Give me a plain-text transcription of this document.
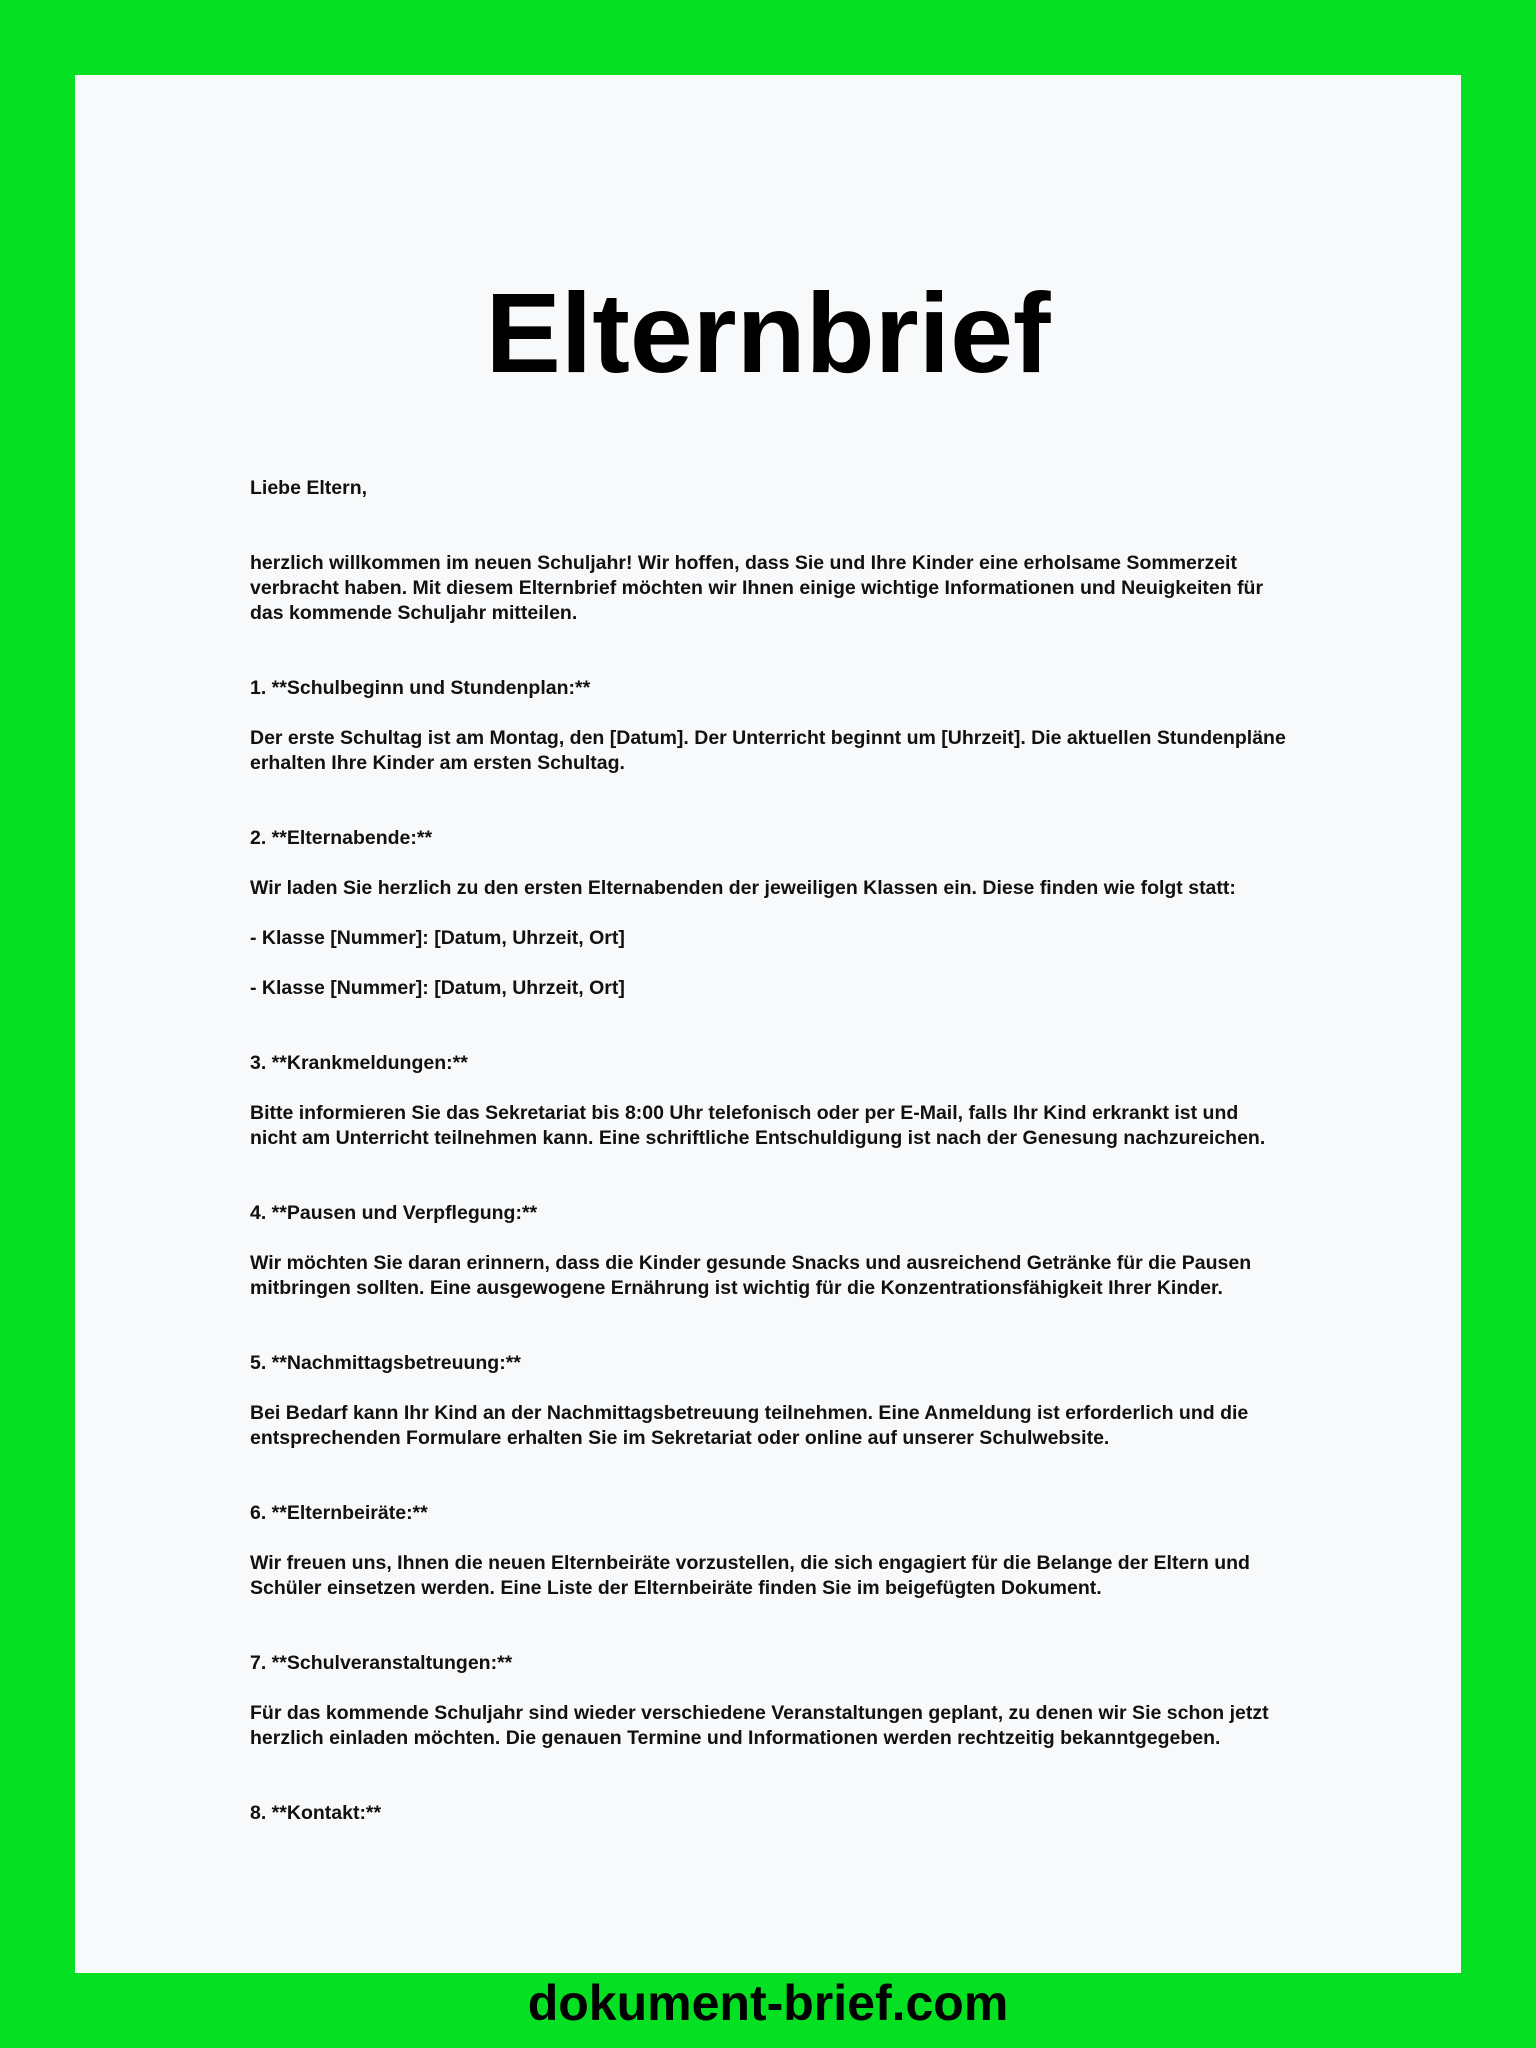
Elternbrief

Liebe Eltern,

herzlich willkommen im neuen Schuljahr! Wir hoffen, dass Sie und Ihre Kinder eine erholsame Sommerzeit verbracht haben. Mit diesem Elternbrief möchten wir Ihnen einige wichtige Informationen und Neuigkeiten für das kommende Schuljahr mitteilen.

1. **Schulbeginn und Stundenplan:**

Der erste Schultag ist am Montag, den [Datum]. Der Unterricht beginnt um [Uhrzeit]. Die aktuellen Stundenpläne erhalten Ihre Kinder am ersten Schultag.

2. **Elternabende:**

Wir laden Sie herzlich zu den ersten Elternabenden der jeweiligen Klassen ein. Diese finden wie folgt statt:

- Klasse [Nummer]: [Datum, Uhrzeit, Ort]

- Klasse [Nummer]: [Datum, Uhrzeit, Ort]

3. **Krankmeldungen:**

Bitte informieren Sie das Sekretariat bis 8:00 Uhr telefonisch oder per E-Mail, falls Ihr Kind erkrankt ist und nicht am Unterricht teilnehmen kann. Eine schriftliche Entschuldigung ist nach der Genesung nachzureichen.

4. **Pausen und Verpflegung:**

Wir möchten Sie daran erinnern, dass die Kinder gesunde Snacks und ausreichend Getränke für die Pausen mitbringen sollten. Eine ausgewogene Ernährung ist wichtig für die Konzentrationsfähigkeit Ihrer Kinder.

5. **Nachmittagsbetreuung:**

Bei Bedarf kann Ihr Kind an der Nachmittagsbetreuung teilnehmen. Eine Anmeldung ist erforderlich und die entsprechenden Formulare erhalten Sie im Sekretariat oder online auf unserer Schulwebsite.

6. **Elternbeiräte:**

Wir freuen uns, Ihnen die neuen Elternbeiräte vorzustellen, die sich engagiert für die Belange der Eltern und Schüler einsetzen werden. Eine Liste der Elternbeiräte finden Sie im beigefügten Dokument.

7. **Schulveranstaltungen:**

Für das kommende Schuljahr sind wieder verschiedene Veranstaltungen geplant, zu denen wir Sie schon jetzt herzlich einladen möchten. Die genauen Termine und Informationen werden rechtzeitig bekanntgegeben.

8. **Kontakt:**

dokument-brief.com
